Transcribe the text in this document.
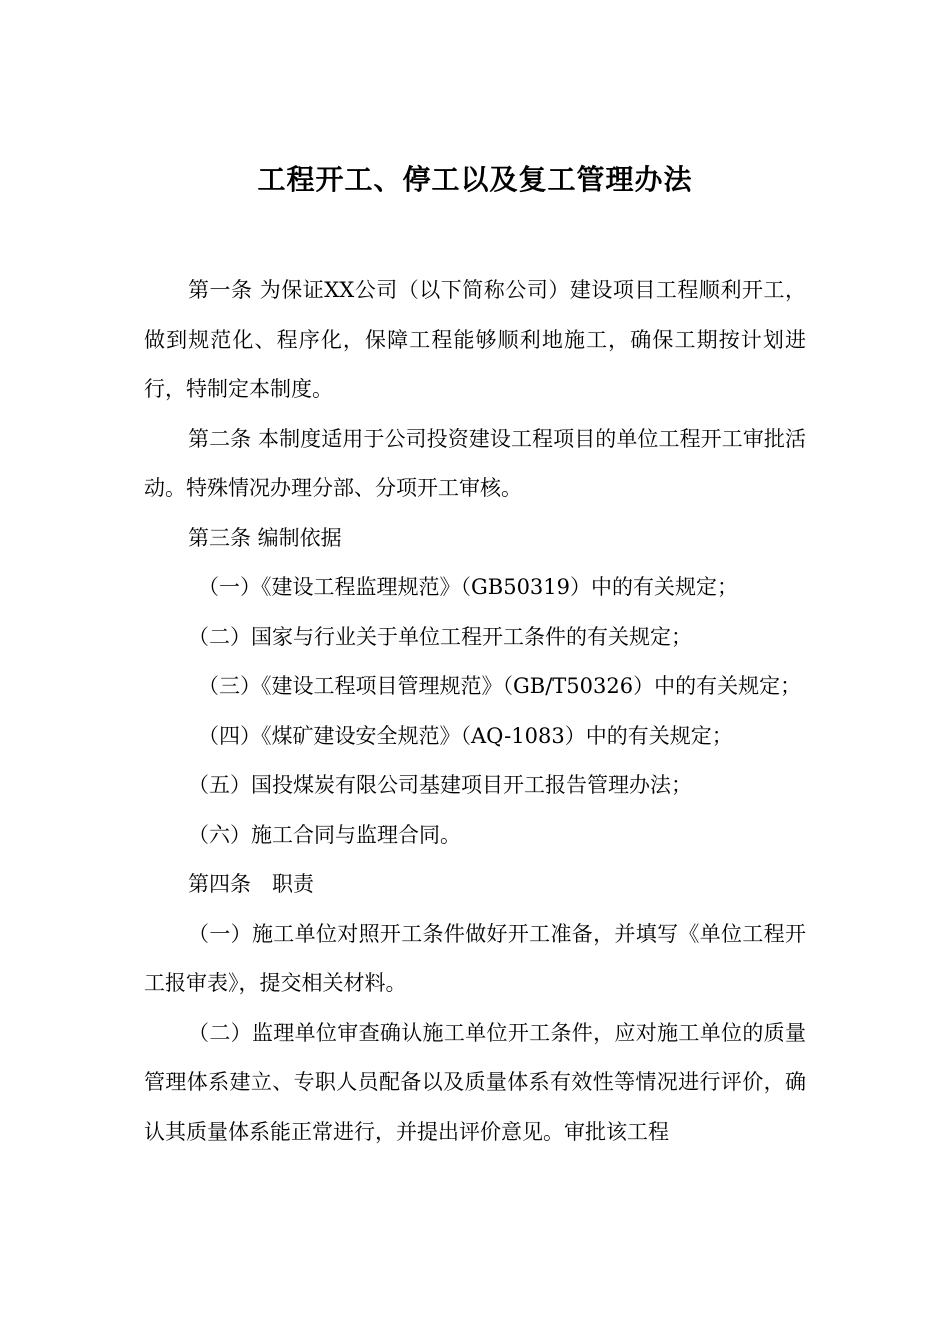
工程开工、停工以及复工管理办法

第一条 为保证XX公司（以下简称公司）建设项目工程顺利开工，做到规范化、程序化，保障工程能够顺利地施工，确保工期按计划进行，特制定本制度。

第二条 本制度适用于公司投资建设工程项目的单位工程开工审批活动。特殊情况办理分部、分项开工审核。

第三条 编制依据

（一）《建设工程监理规范》（GB50319）中的有关规定；

（二）国家与行业关于单位工程开工条件的有关规定；

（三）《建设工程项目管理规范》（GB/T50326）中的有关规定；

（四）《煤矿建设安全规范》（AQ-1083）中的有关规定；

（五）国投煤炭有限公司基建项目开工报告管理办法；

（六）施工合同与监理合同。

第四条　职责

（一）施工单位对照开工条件做好开工准备，并填写《单位工程开工报审表》，提交相关材料。

（二）监理单位审查确认施工单位开工条件，应对施工单位的质量管理体系建立、专职人员配备以及质量体系有效性等情况进行评价，确认其质量体系能正常进行，并提出评价意见。审批该工程
